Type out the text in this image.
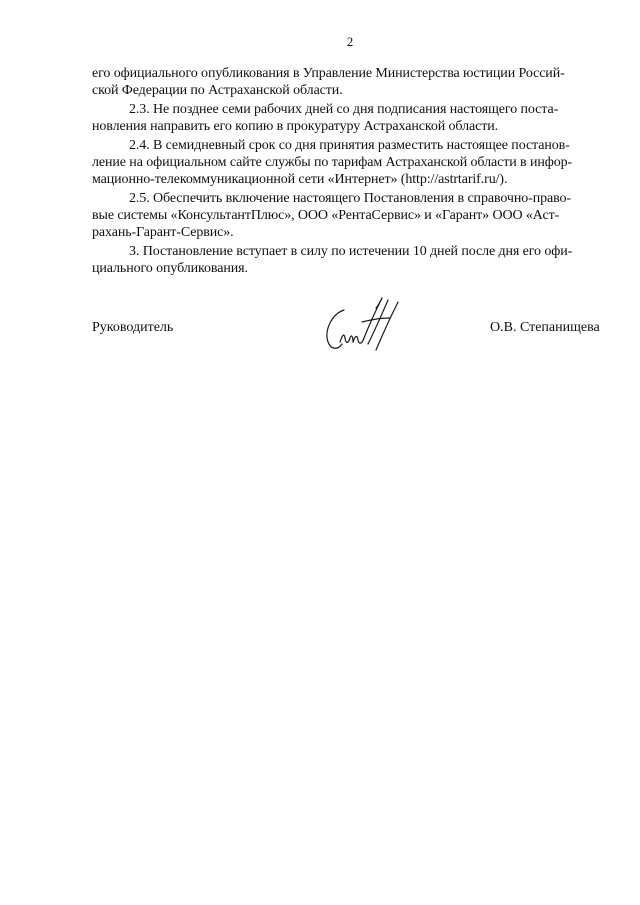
2
его официального опубликования в Управление Министерства юстиции Россий-
ской Федерации по Астраханской области.
2.3. Не позднее семи рабочих дней со дня подписания настоящего поста-
новления направить его копию в прокуратуру Астраханской области.
2.4. В семидневный срок со дня принятия разместить настоящее постанов-
ление на официальном сайте службы по тарифам Астраханской области в инфор-
мационно-телекоммуникационной сети «Интернет» (http://astrtarif.ru/).
2.5. Обеспечить включение настоящего Постановления в справочно-право-
вые системы «КонсультантПлюс», ООО «РентаСервис» и «Гарант» ООО «Аст-
рахань-Гарант-Сервис».
3. Постановление вступает в силу по истечении 10 дней после дня его офи-
циального опубликования.
Руководитель	О.В. Степанищева
